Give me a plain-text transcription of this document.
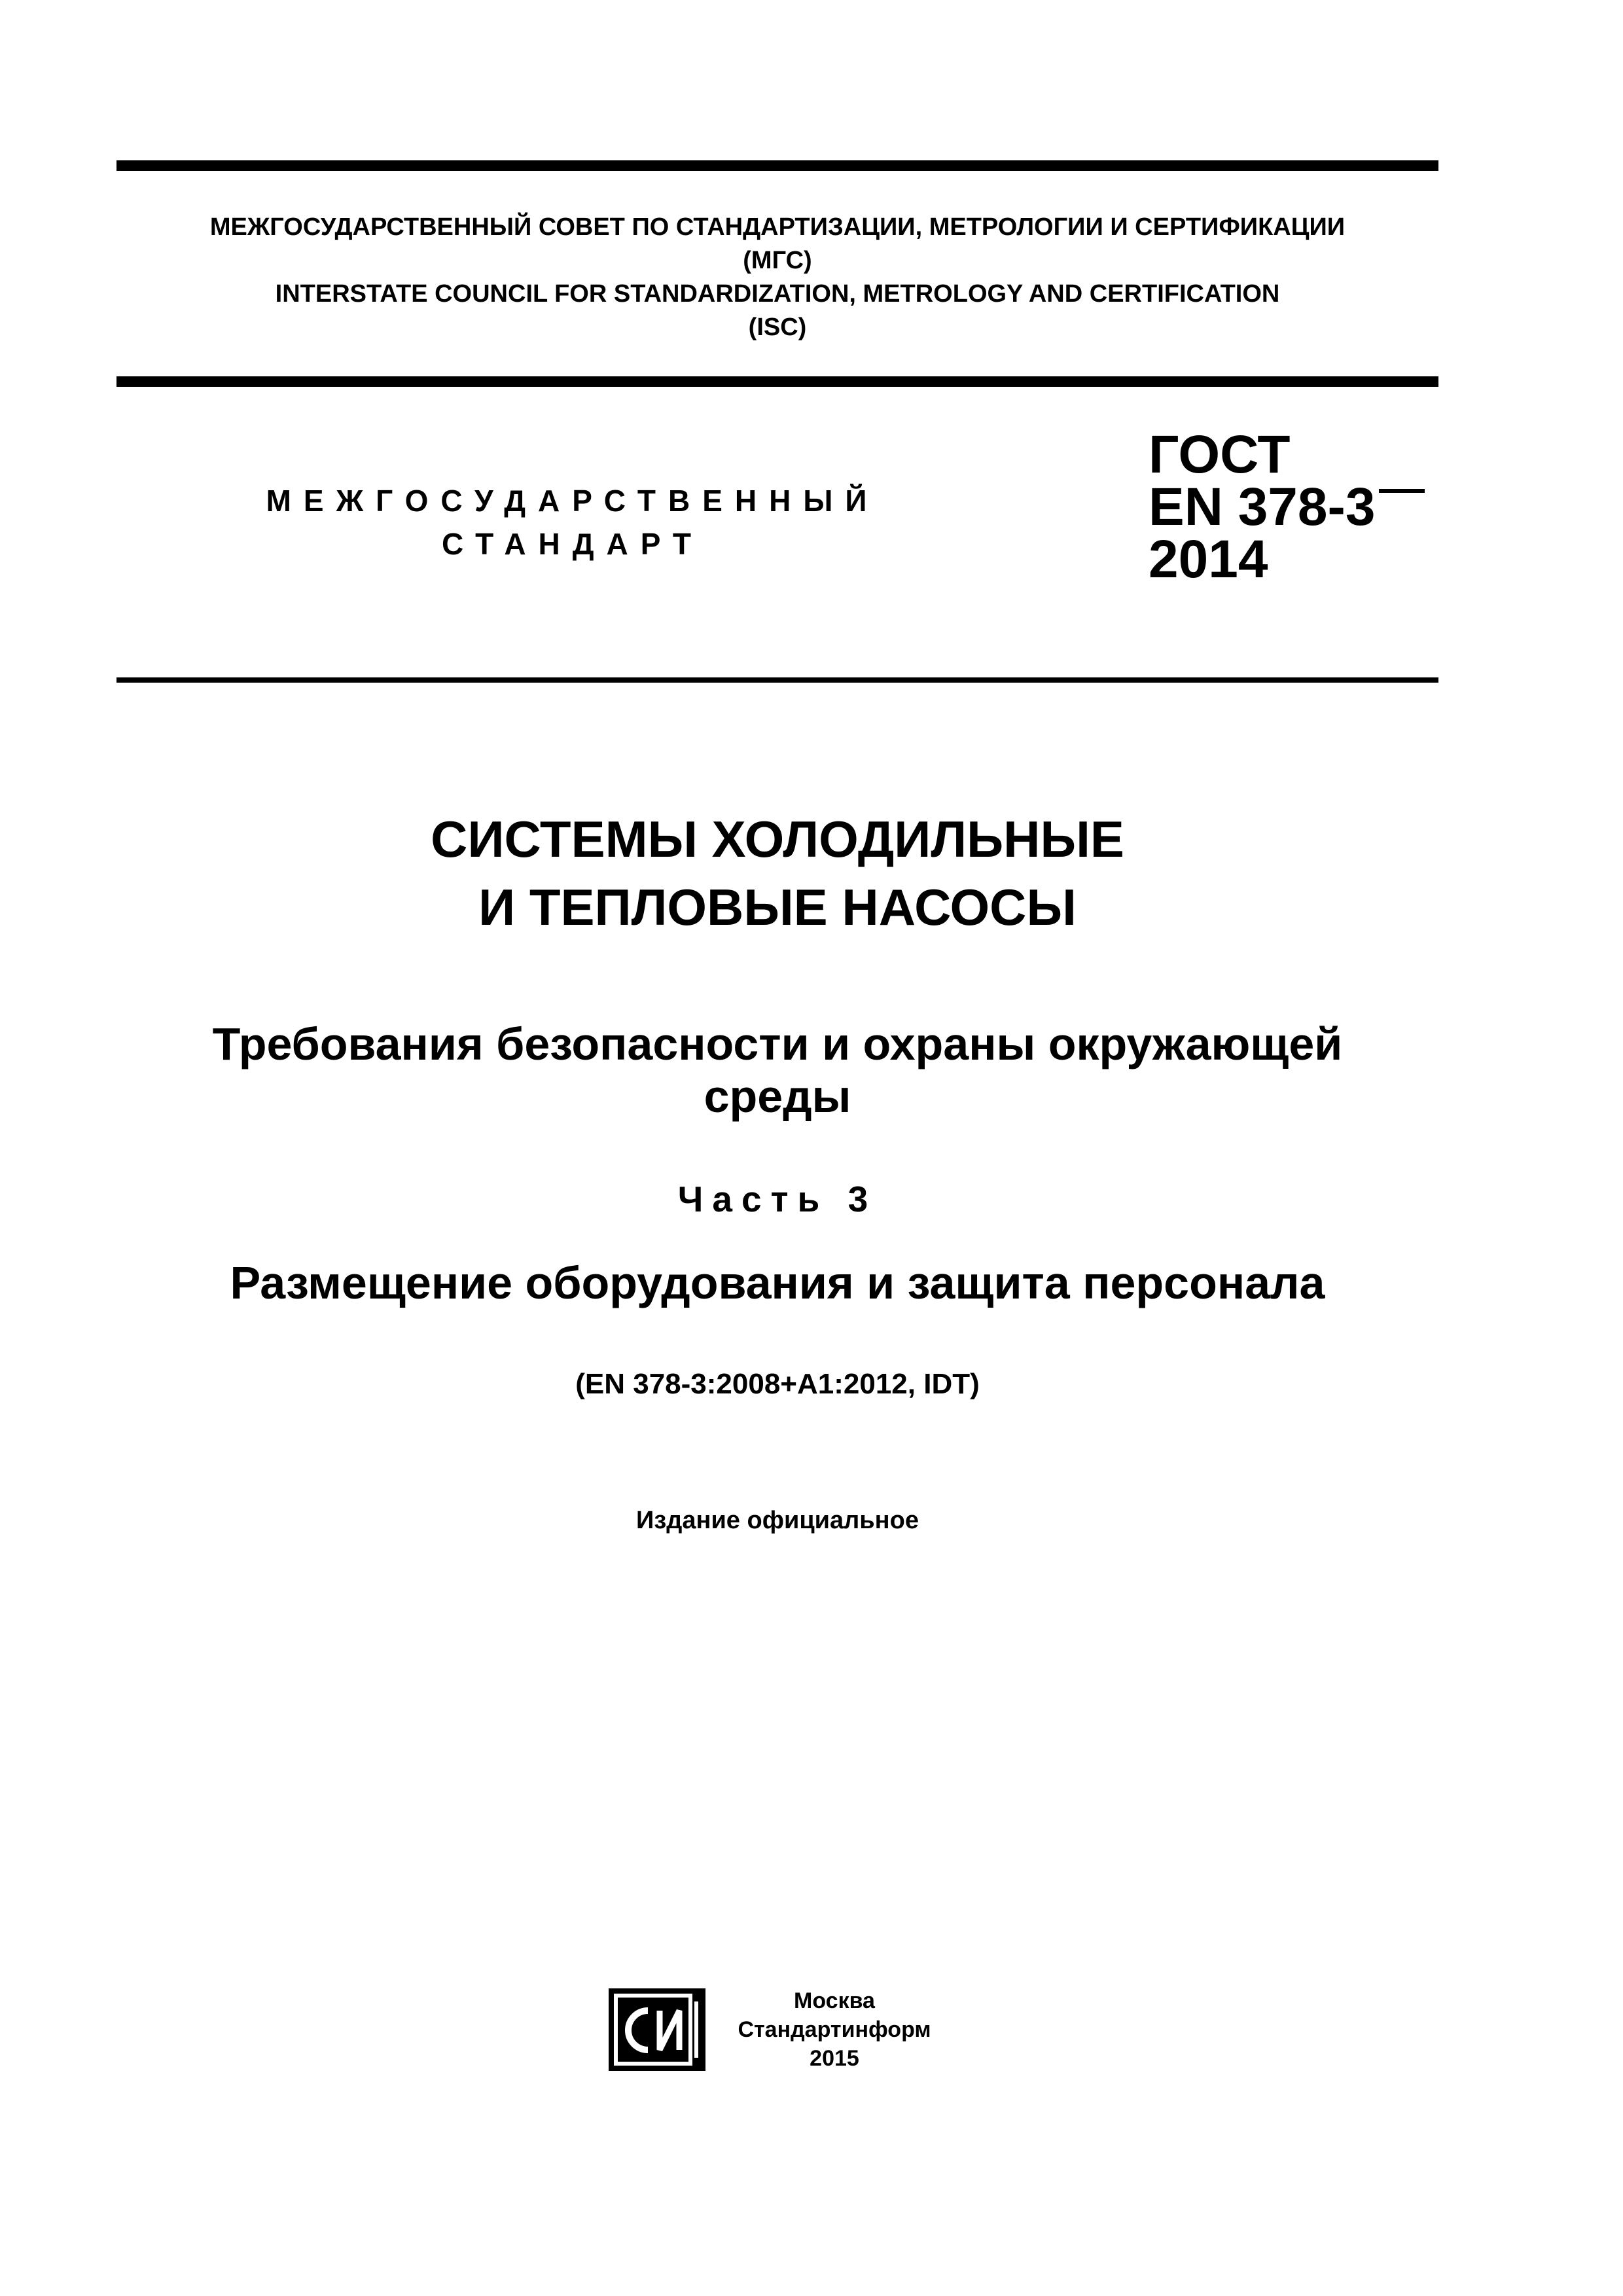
МЕЖГОСУДАРСТВЕННЫЙ СОВЕТ ПО СТАНДАРТИЗАЦИИ, МЕТРОЛОГИИ И СЕРТИФИКАЦИИ
(МГС)
INTERSTATE COUNCIL FOR STANDARDIZATION, METROLOGY AND CERTIFICATION
(ISC)
МЕЖГОСУДАРСТВЕННЫЙ
СТАНДАРТ
ГОСТ
EN 378-3
2014
СИСТЕМЫ ХОЛОДИЛЬНЫЕ
И ТЕПЛОВЫЕ НАСОСЫ
Требования безопасности и охраны окружающей
среды
Часть 3
Размещение оборудования и защита персонала
(EN 378-3:2008+A1:2012, IDT)
Издание официальное
Москва
Стандартинформ
2015
